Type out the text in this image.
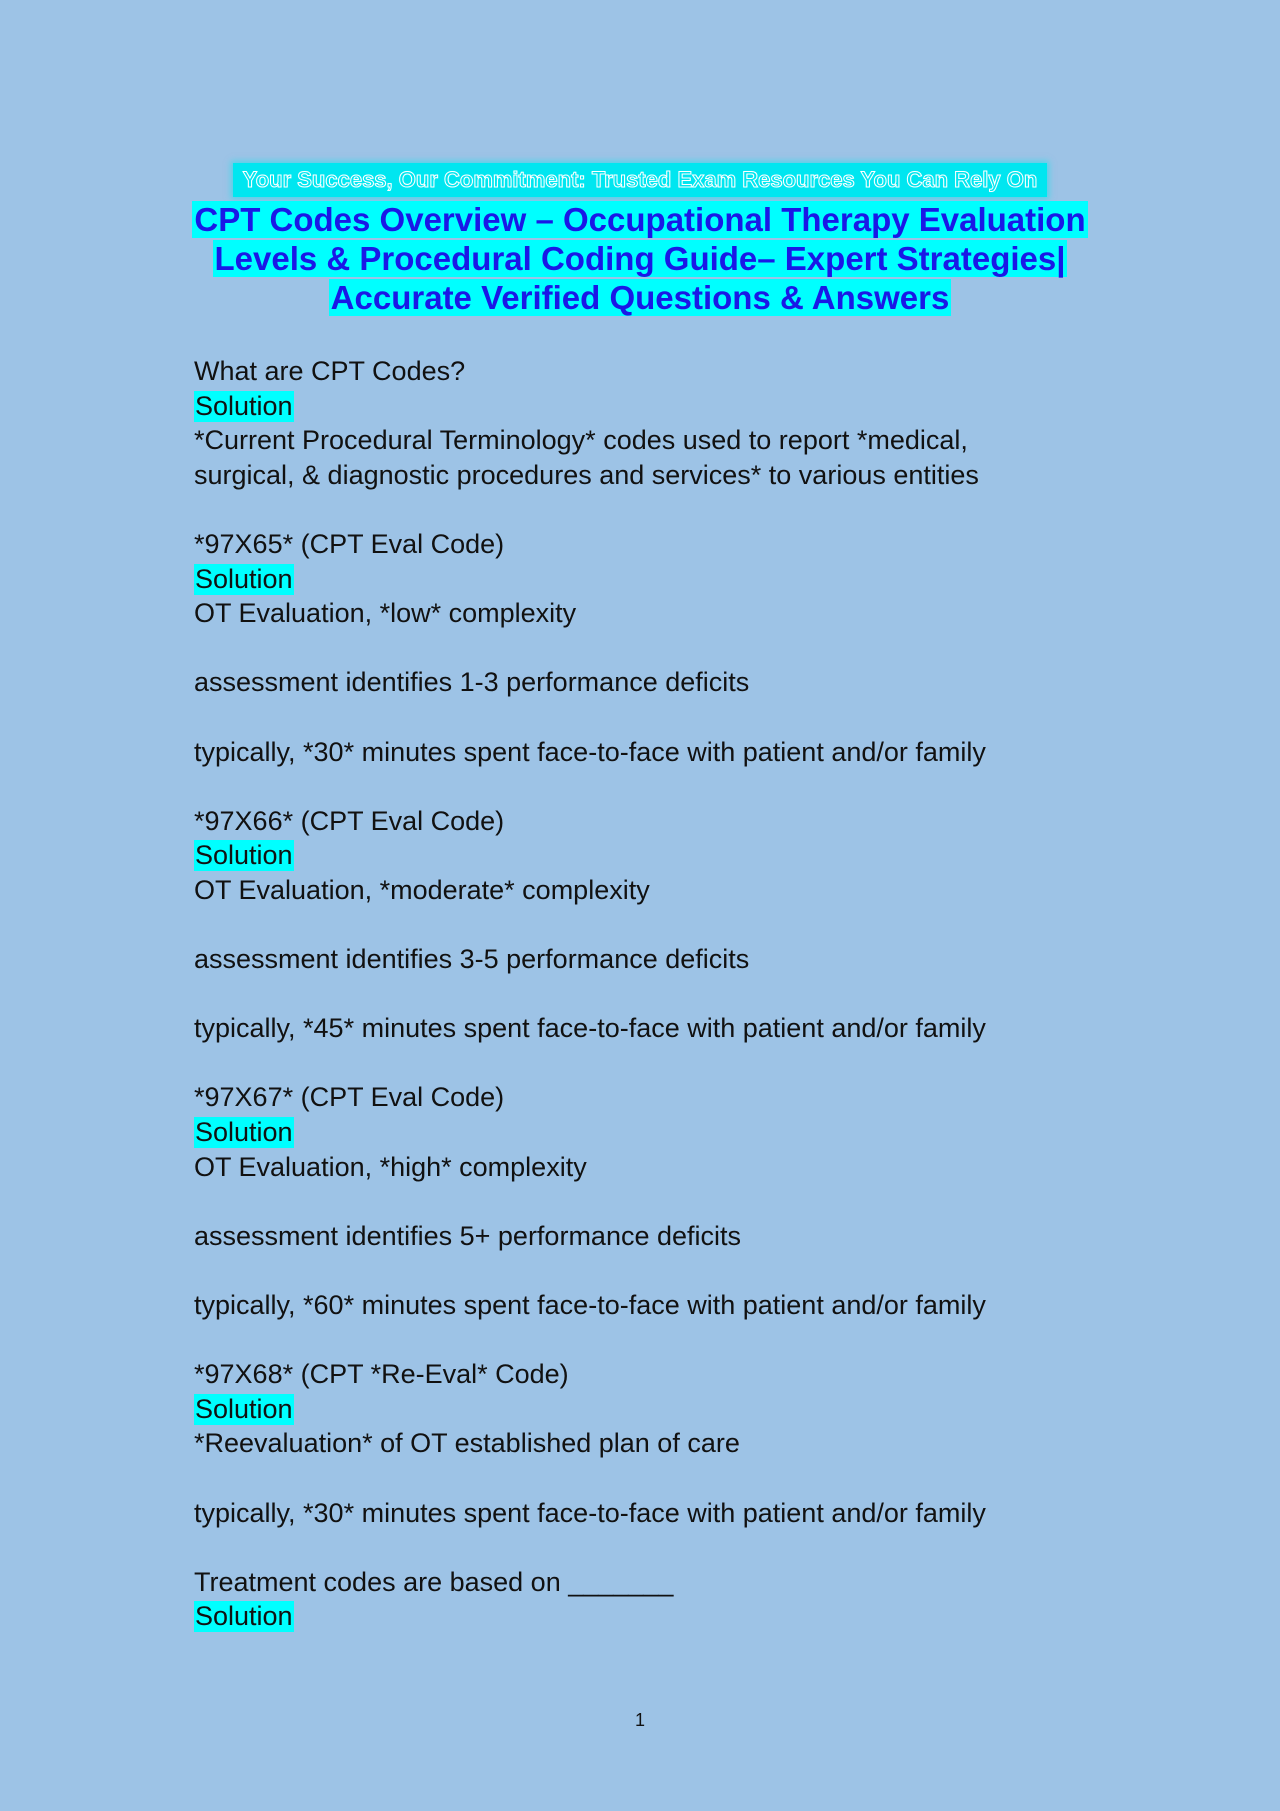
Your Success, Our Commitment: Trusted Exam Resources You Can Rely On
CPT Codes Overview – Occupational Therapy Evaluation Levels & Procedural Coding Guide– Expert Strategies| Accurate Verified Questions & Answers
What are CPT Codes?
Solution
*Current Procedural Terminology* codes used to report *medical,
surgical, & diagnostic procedures and services* to various entities
*97X65* (CPT Eval Code)
Solution
OT Evaluation, *low* complexity
assessment identifies 1-3 performance deficits
typically, *30* minutes spent face-to-face with patient and/or family
*97X66* (CPT Eval Code)
Solution
OT Evaluation, *moderate* complexity
assessment identifies 3-5 performance deficits
typically, *45* minutes spent face-to-face with patient and/or family
*97X67* (CPT Eval Code)
Solution
OT Evaluation, *high* complexity
assessment identifies 5+ performance deficits
typically, *60* minutes spent face-to-face with patient and/or family
*97X68* (CPT *Re-Eval* Code)
Solution
*Reevaluation* of OT established plan of care
typically, *30* minutes spent face-to-face with patient and/or family
Treatment codes are based on _______
Solution
1
